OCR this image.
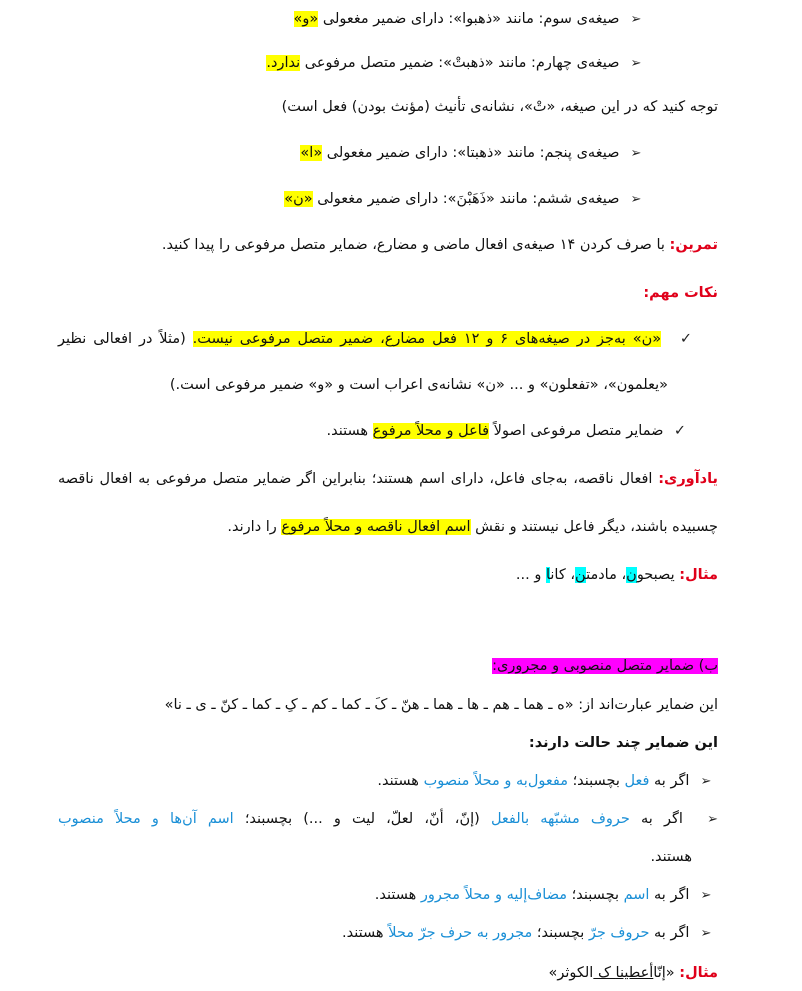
➢ صیغه‌ی سوم: مانند «ذهبوا»: دارای ضمیر مغعولی «و»
➢ صیغه‌ی چهارم: مانند «ذهبتْ»: ضمیر متصل مرفوعی ندارد.
توجه کنید که در این صیغه، «تْ»، نشانه‌ی تأنیث (مؤنث بودن) فعل است)
➢ صیغه‌ی پنجم: مانند «ذهبتا»: دارای ضمیر مغعولی «ا»
➢ صیغه‌ی ششم: مانند «ذَهَبْنَ»: دارای ضمیر مغعولی «ن»
تمرین: با صرف کردن ۱۴ صیغه‌ی افعال ماضی و مضارع، ضمایر متصل مرفوعی را پیدا کنید.
نکات مهم:
✓ «ن» به‌جز در صیغه‌های ۶ و ۱۲ فعل مضارع، ضمیر متصل مرفوعی نیست. (مثلاً در افعالی نظیر
«یعلمون»، «تفعلون» و ... «ن» نشانه‌ی اعراب است و «و» ضمیر مرفوعی است.)
✓ ضمایر متصل مرفوعی اصولاً فاعل و محلاً مرفوع هستند.
یادآوری: افعال ناقصه، به‌جای فاعل، دارای اسم هستند؛ بنابراین اگر ضمایر متصل مرفوعی به افعال ناقصه
چسبیده باشند، دیگر فاعل نیستند و نقش اسم افعال ناقصه و محلاً مرفوع را دارند.
مثال: یصبحون، مادمتن، کانا و ...
ب) ضمایر متصل منصوبی و مجروری:
این ضمایر عبارت‌اند از: «ه ـ هما ـ هم ـ ها ـ هما ـ هنّ ـ کَ ـ کما ـ کم ـ کِ ـ کما ـ کنّ ـ ی ـ نا»
این ضمایر چند حالت دارند:
➢ اگر به فعل بچسبند؛ مفعول‌به و محلاً منصوب هستند.
➢ اگر به حروف مشبّهه بالفعل (إنّ، أنّ، لعلّ، لیت و ...) بچسبند؛ اسم آن‌ها و محلاً منصوب
هستند.
➢ اگر به اسم بچسبند؛ مضاف‌إلیه و محلاً مجرور هستند.
➢ اگر به حروف جرّ بچسبند؛ مجرور به حرف جرّ محلاً هستند.
مثال: «إنّاأعطینا ک الکوثر»
